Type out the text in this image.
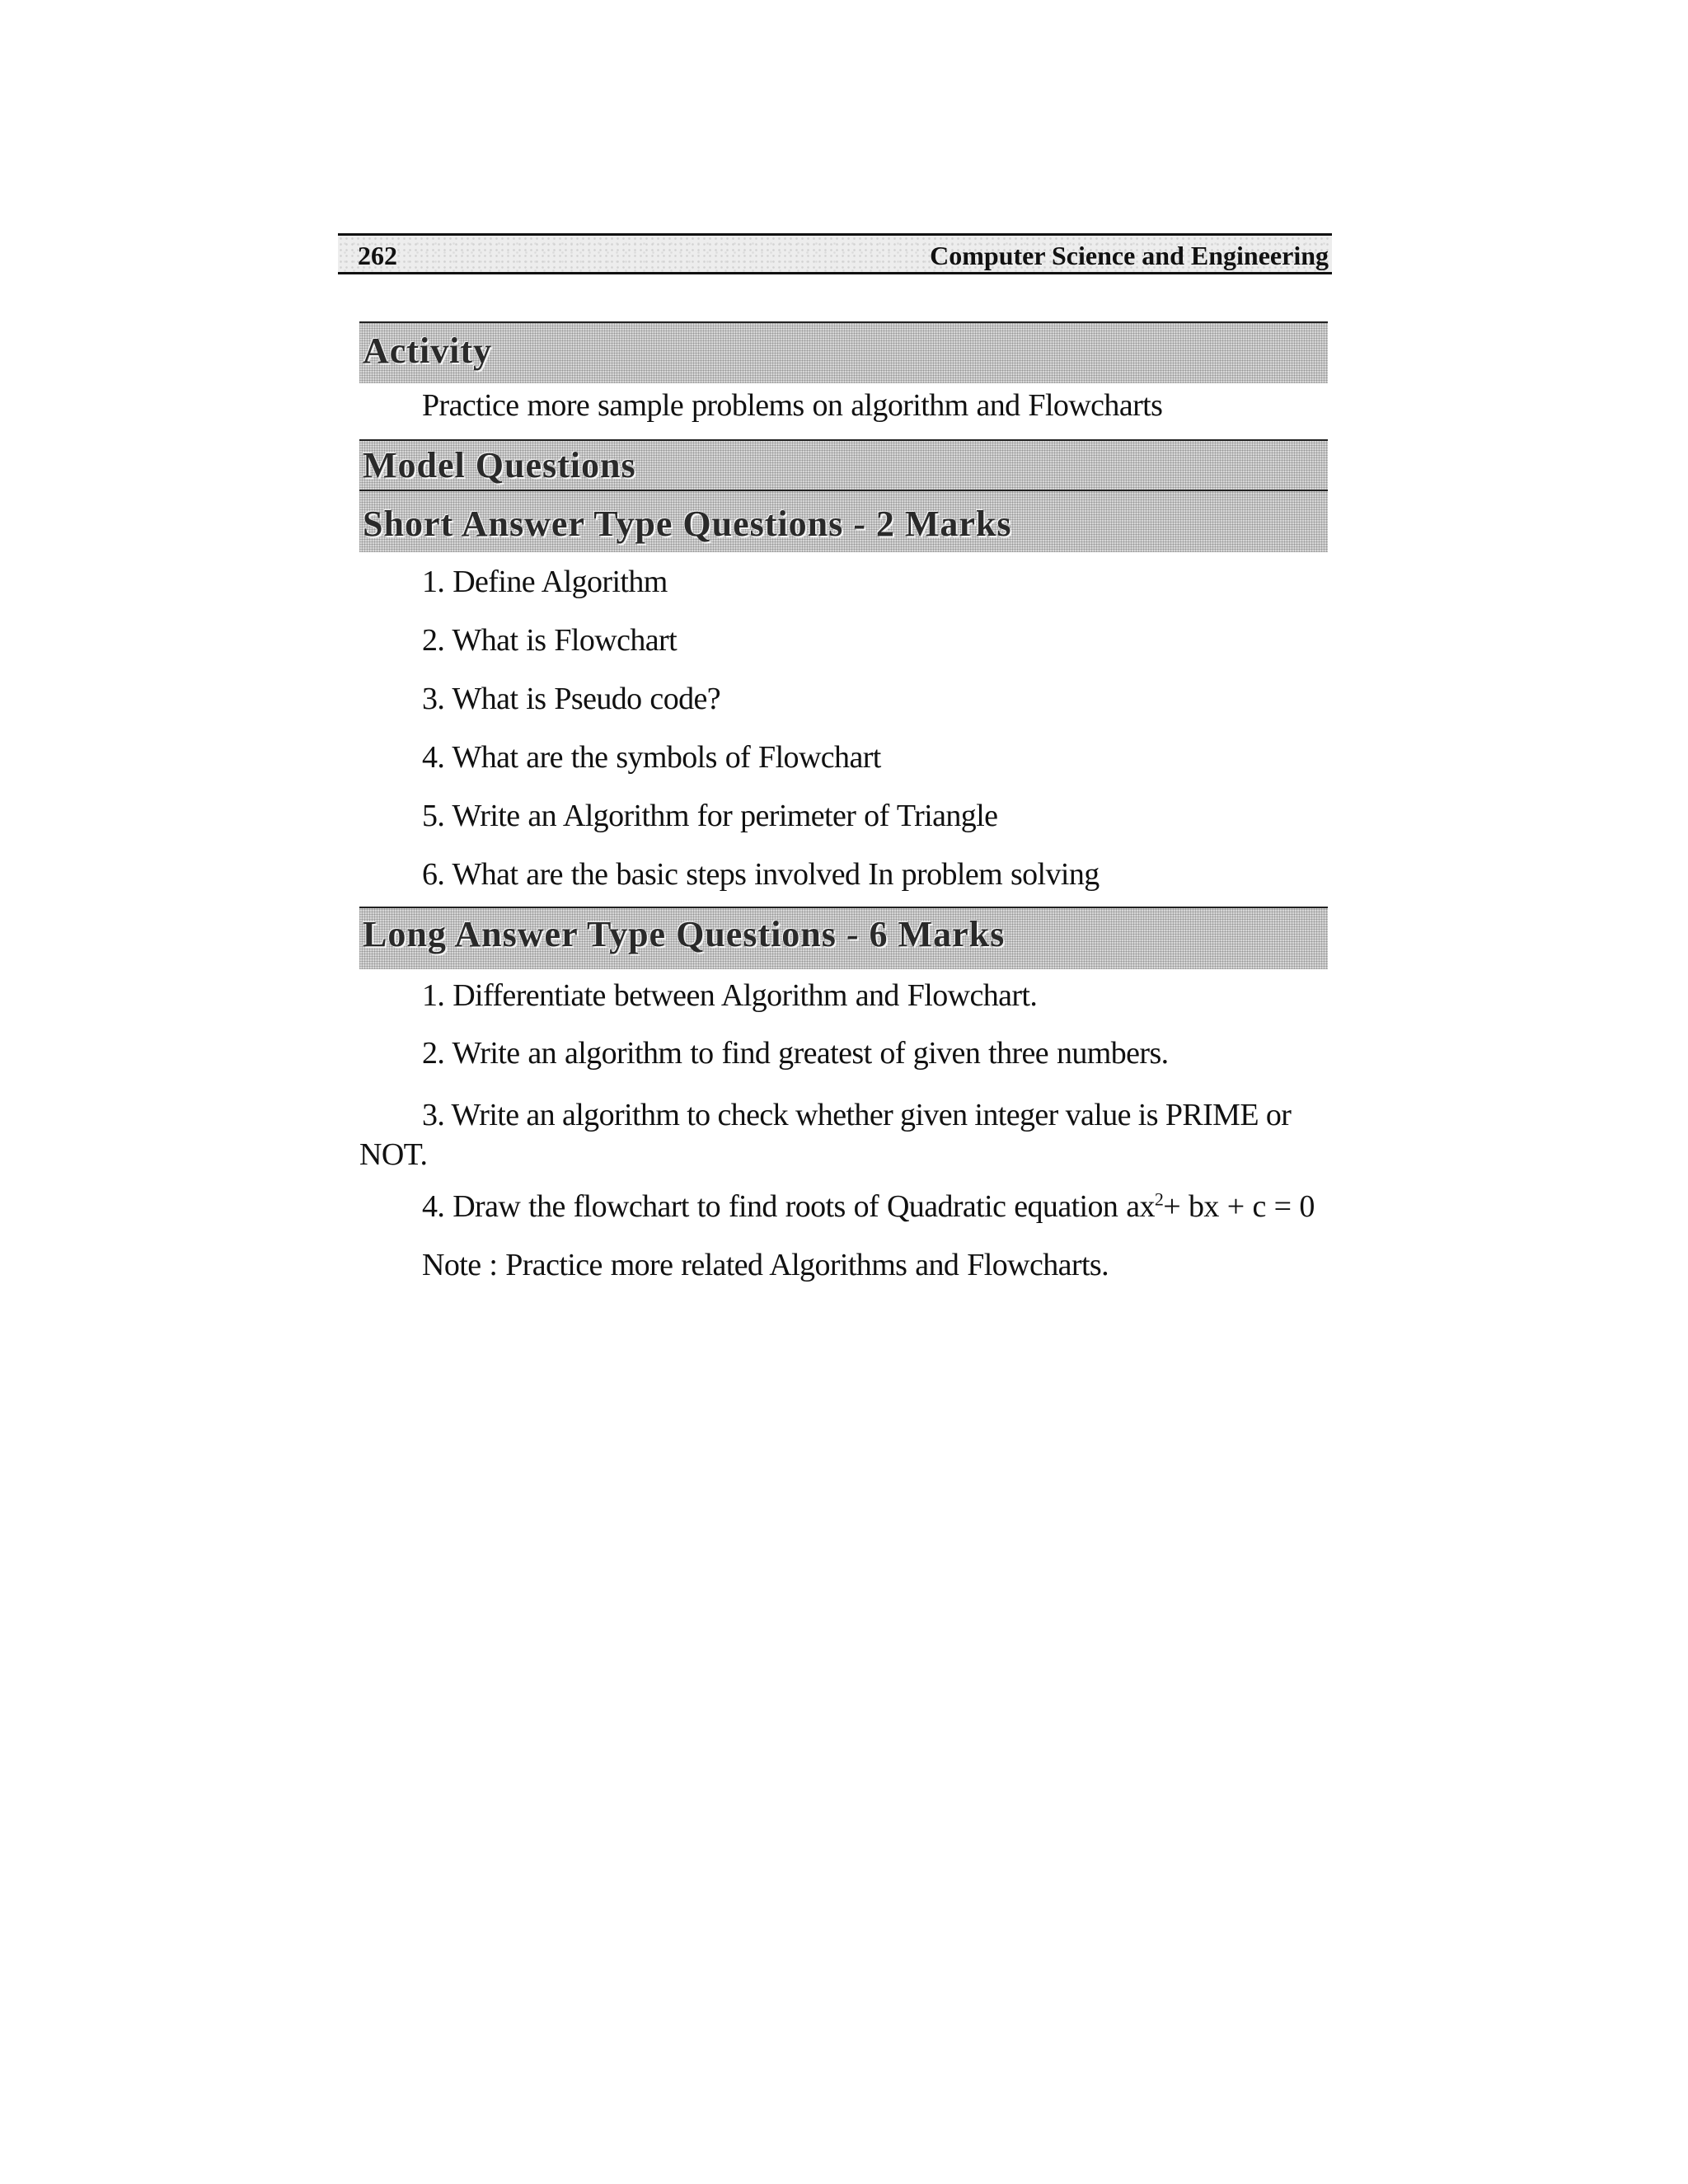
262	Computer Science and Engineering
Activity
Practice more sample problems on algorithm and Flowcharts
Model Questions
Short Answer Type Questions - 2 Marks
1. Define Algorithm
2. What is Flowchart
3. What is Pseudo code?
4. What are the symbols of Flowchart
5. Write an Algorithm for perimeter of Triangle
6. What are the basic steps involved In problem solving
Long Answer Type Questions - 6 Marks
1. Differentiate between Algorithm and Flowchart.
2. Write an algorithm to find greatest of given three numbers.
3. Write an algorithm to check whether given integer value is PRIME or NOT.
4. Draw the flowchart to find roots of Quadratic equation $ax^2+$ bx + c = 0
Note : Practice more related Algorithms and Flowcharts.
